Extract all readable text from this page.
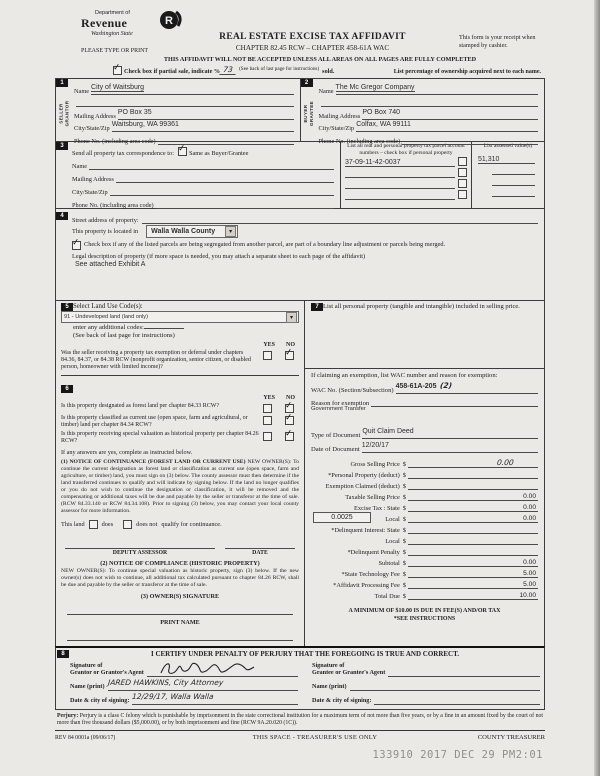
Department of
Revenue
Washington State
R
REAL ESTATE EXCISE TAX AFFIDAVIT
CHAPTER 82.45 RCW – CHAPTER 458-61A WAC
This form is your receipt when stamped by cashier.
PLEASE TYPE OR PRINT
THIS AFFIDAVIT WILL NOT BE ACCEPTED UNLESS ALL AREAS ON ALL PAGES ARE FULLY COMPLETED
✓
Check box if partial sale, indicate % 73	(See back of last page for instructions) sold.	List percentage of ownership acquired next to each name.
1
SELLER
GRANTOR
Name
City of Waitsburg
Mailing Address
PO Box 35
City/State/Zip
Waitsburg, WA 99361
Phone No. (including area code)
2
BUYER
GRANTEE
Name
The Mc Gregor Company
Mailing Address
PO Box 740
City/State/Zip
Colfax, WA 99111
Phone No. (including area code)
3
Send all property tax correspondence to: ✓ Same as Buyer/Grantee
Name
Mailing Address
City/State/Zip
Phone No. (including area code)
List all real and personal property tax parcel account numbers – check box if personal property
37-09-11-42-0037
List assessed value(s)
51,310
4
Street address of property:
This property is located in Walla Walla County	▾
✓
Check box if any of the listed parcels are being segregated from another parcel, are part of a boundary line adjustment or parcels being merged.
Legal description of property (if more space is needed, you may attach a separate sheet to each page of the affidavit)
See attached Exhibit A
5 Select Land Use Code(s):
91 - Undeveloped land (land only)	▾
enter any additional codes:
(See back of last page for instructions)
YES NO
Was the seller receiving a property tax exemption or deferral under chapters 84.36, 84.37, or 84.38 RCW (nonprofit organization, senior citizen, or disabled person, homeowner with limited income)?
✓
6
YES NO
Is this property designated as forest land per chapter 84.33 RCW?
✓
Is this property classified as current use (open space, farm and agricultural, or timber) land per chapter 84.34 RCW?
✓
Is this property receiving special valuation as historical property per chapter 84.26 RCW?
✓
If any answers are yes, complete as instructed below.
(1) NOTICE OF CONTINUANCE (FOREST LAND OR CURRENT USE) NEW OWNER(S): To continue the current designation as forest land or classification as current use (open space, farm and agriculture, or timber) land, you must sign on (3) below. The county assessor must then determine if the land transferred continues to qualify and will indicate by signing below. If the land no longer qualifies or you do not wish to continue the designation or classification, it will be removed and the compensating or additional taxes will be due and payable by the seller or transferor at the time of sale. (RCW 84.33.140 or RCW 84.34.108). Prior to signing (3) below, you may contact your local county assessor for more information.
This land	does	does not qualify for continuance.
DEPUTY ASSESSOR	DATE
(2) NOTICE OF COMPLIANCE (HISTORIC PROPERTY)
NEW OWNER(S): To continue special valuation as historic property, sign (3) below. If the new owner(s) does not wish to continue, all additional tax calculated pursuant to chapter 84.26 RCW, shall be due and payable by the seller or transferor at the time of sale.
(3) OWNER(S) SIGNATURE
PRINT NAME
7 List all personal property (tangible and intangible) included in selling price.
If claiming an exemption, list WAC number and reason for exemption:
WAC No. (Section/Subsection)
458-61A-205 (2)
Reason for exemption
Government Transfer
Type of Document
Quit Claim Deed
Date of Document
12/20/17
Gross Selling Price $	0.00
*Personal Property (deduct) $
Exemption Claimed (deduct) $
Taxable Selling Price $	0.00
Excise Tax : State $	0.00
0.0025	Local $	0.00
*Delinquent Interest: State $
Local $
*Delinquent Penalty $
Subtotal $	0.00
*State Technology Fee $	5.00
*Affidavit Processing Fee $	5.00
Total Due $	10.00
A MINIMUM OF $10.00 IS DUE IN FEE(S) AND/OR TAX
*SEE INSTRUCTIONS
8	I CERTIFY UNDER PENALTY OF PERJURY THAT THE FOREGOING IS TRUE AND CORRECT.
Signature of
Grantor or Grantor's Agent
Name (print) JARED HAWKINS, City Attorney
Date & city of signing: 12/29/17, Walla Walla
Signature of
Grantee or Grantee's Agent
Name (print)
Date & city of signing:
Perjury: Perjury is a class C felony which is punishable by imprisonment in the state correctional institution for a maximum term of not more than five years, or by a fine in an amount fixed by the court of not more than five thousand dollars ($5,000.00), or by both imprisonment and fine (RCW 9A.20.020 (1C)).
REV 84 0001a (09/06/17)	THIS SPACE - TREASURER'S USE ONLY	COUNTY TREASURER
133910 2017 DEC 29 PM2:01
